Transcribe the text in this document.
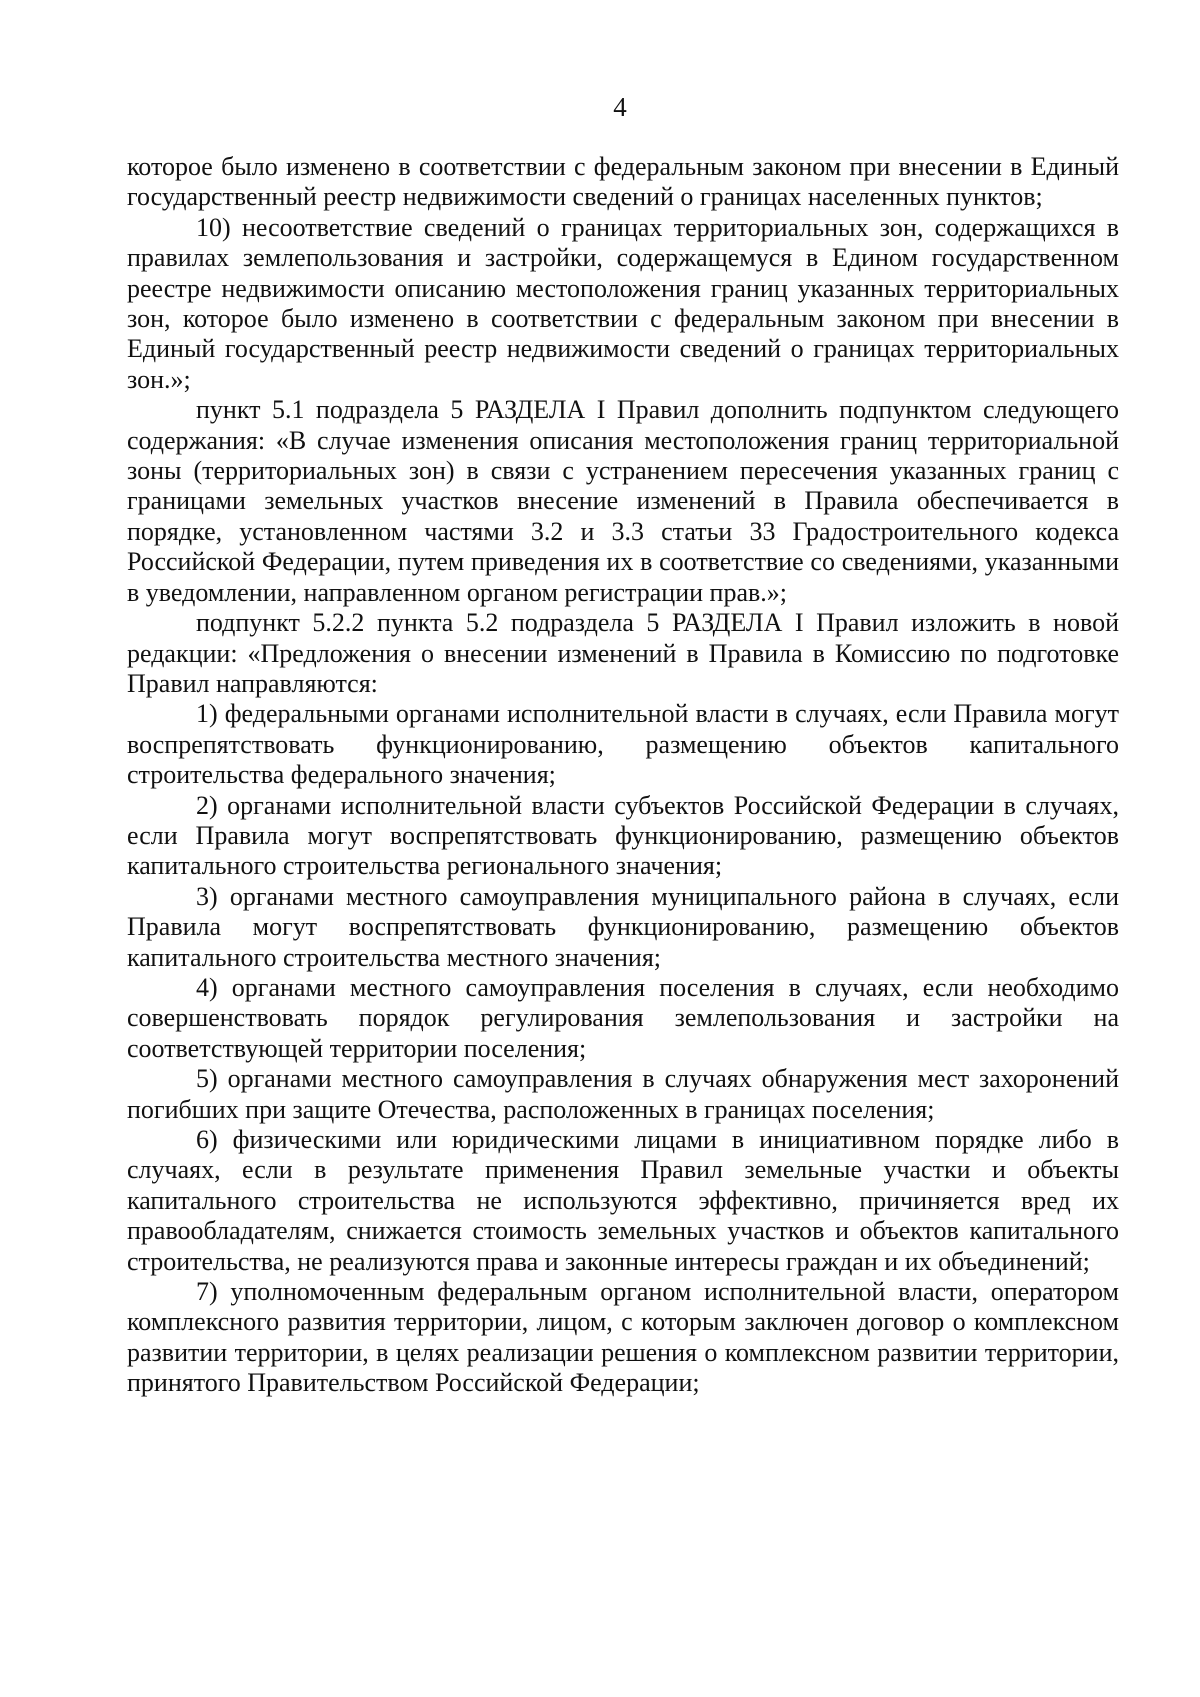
4

которое было изменено в соответствии с федеральным законом при внесении в Единый государственный реестр недвижимости сведений о границах населенных пунктов;

10) несоответствие сведений о границах территориальных зон, содержащихся в правилах землепользования и застройки, содержащемуся в Едином государственном реестре недвижимости описанию местоположения границ указанных территориальных зон, которое было изменено в соответствии с федеральным законом при внесении в Единый государственный реестр недвижимости сведений о границах территориальных зон.»;

пункт 5.1 подраздела 5 РАЗДЕЛА I Правил дополнить подпунктом следующего содержания: «В случае изменения описания местоположения границ территориальной зоны (территориальных зон) в связи с устранением пересечения указанных границ с границами земельных участков внесение изменений в Правила обеспечивается в порядке, установленном частями 3.2 и 3.3 статьи 33 Градостроительного кодекса Российской Федерации, путем приведения их в соответствие со сведениями, указанными в уведомлении, направленном органом регистрации прав.»;

подпункт 5.2.2 пункта 5.2 подраздела 5 РАЗДЕЛА I Правил изложить в новой редакции: «Предложения о внесении изменений в Правила в Комиссию по подготовке Правил направляются:

1) федеральными органами исполнительной власти в случаях, если Правила могут воспрепятствовать функционированию, размещению объектов капитального строительства федерального значения;

2) органами исполнительной власти субъектов Российской Федерации в случаях, если Правила могут воспрепятствовать функционированию, размещению объектов капитального строительства регионального значения;

3) органами местного самоуправления муниципального района в случаях, если Правила могут воспрепятствовать функционированию, размещению объектов капитального строительства местного значения;

4) органами местного самоуправления поселения в случаях, если необходимо совершенствовать порядок регулирования землепользования и застройки на соответствующей территории поселения;

5) органами местного самоуправления в случаях обнаружения мест захоронений погибших при защите Отечества, расположенных в границах поселения;

6) физическими или юридическими лицами в инициативном порядке либо в случаях, если в результате применения Правил земельные участки и объекты капитального строительства не используются эффективно, причиняется вред их правообладателям, снижается стоимость земельных участков и объектов капитального строительства, не реализуются права и законные интересы граждан и их объединений;

7) уполномоченным федеральным органом исполнительной власти, оператором комплексного развития территории, лицом, с которым заключен договор о комплексном развитии территории, в целях реализации решения о комплексном развитии территории, принятого Правительством Российской Федерации;
